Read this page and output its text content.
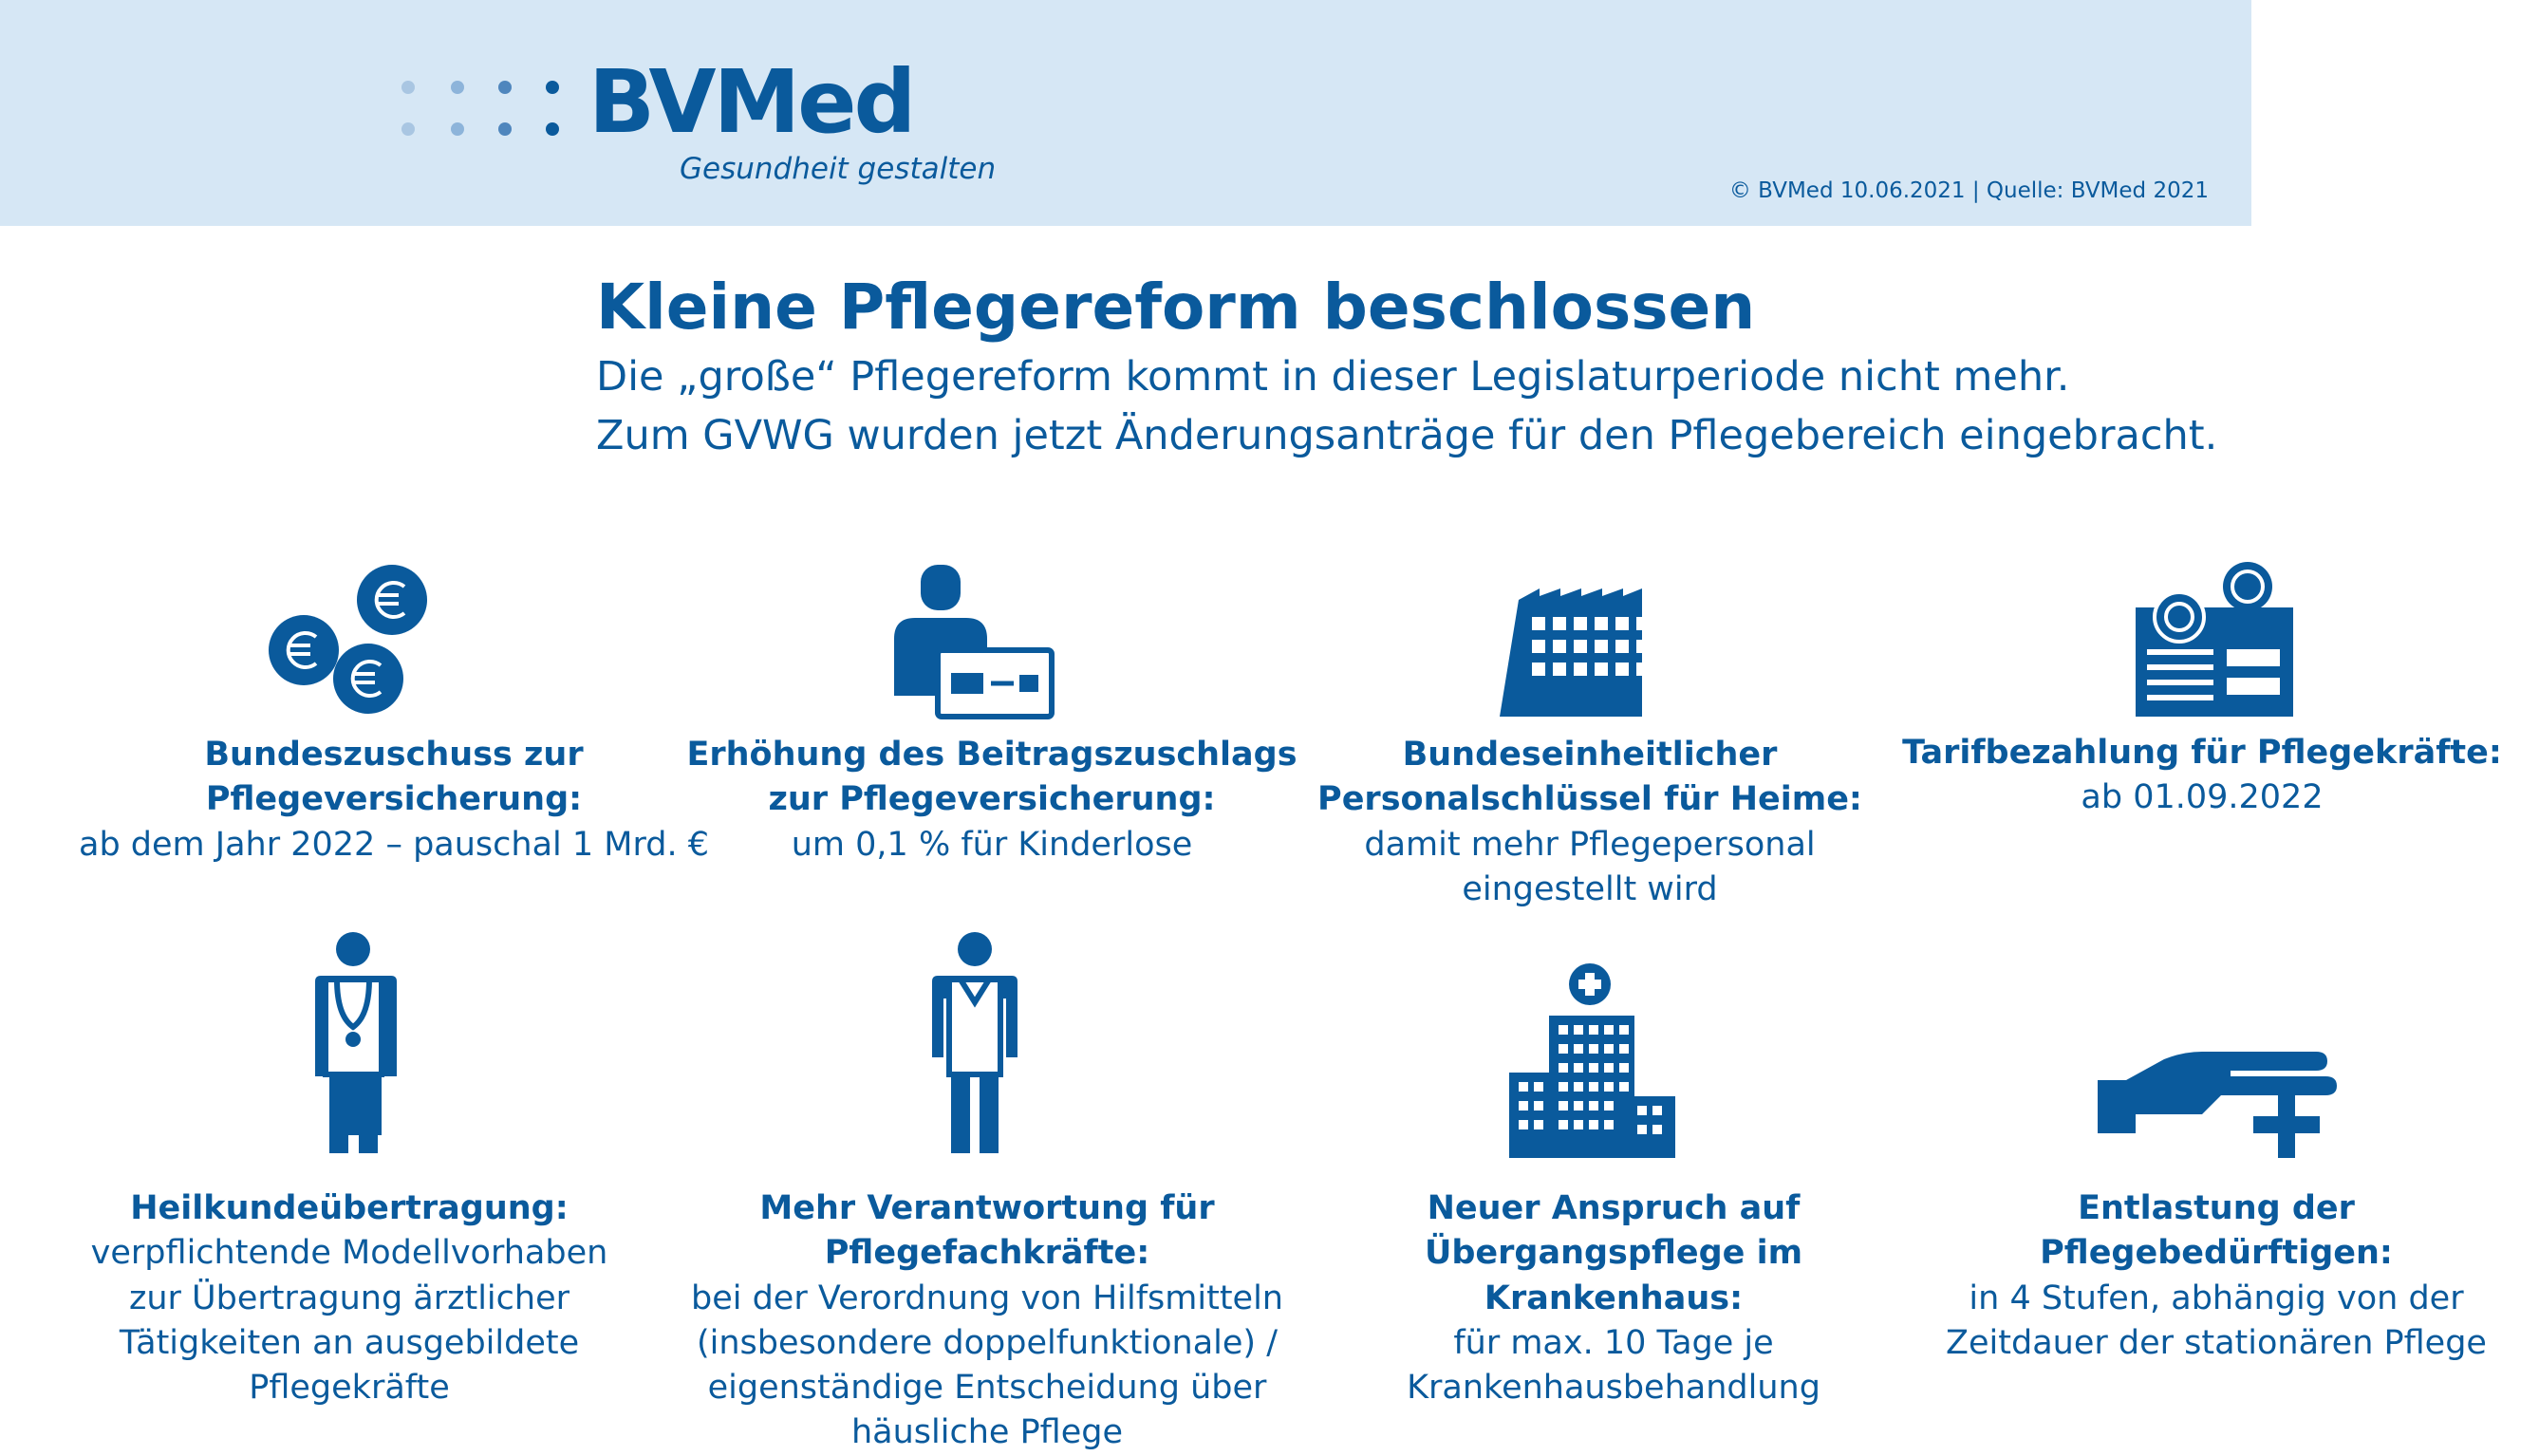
BVMed
Gesundheit gestalten
© BVMed 10.06.2021 | Quelle: BVMed 2021
Kleine Pflegereform beschlossen
Die „große“ Pflegereform kommt in dieser Legislaturperiode nicht mehr.
Zum GVWG wurden jetzt Änderungsanträge für den Pflegebereich eingebracht.
Bundeszuschuss zur
Pflegeversicherung:
ab dem Jahr 2022 – pauschal 1 Mrd. €
Erhöhung des Beitragszuschlags
zur Pflegeversicherung:
um 0,1 % für Kinderlose
Bundeseinheitlicher
Personalschlüssel für Heime:
damit mehr Pflegepersonal
eingestellt wird
Tarifbezahlung für Pflegekräfte:
ab 01.09.2022
Heilkundeübertragung:
verpflichtende Modellvorhaben
zur Übertragung ärztlicher
Tätigkeiten an ausgebildete
Pflegekräfte
Mehr Verantwortung für Pflegefachkräfte:
bei der Verordnung von Hilfsmitteln
(insbesondere doppelfunktionale) /
eigenständige Entscheidung über
häusliche Pflege
Neuer Anspruch auf
Übergangspflege im Krankenhaus:
für max. 10 Tage je
Krankenhausbehandlung
Entlastung der
Pflegebedürftigen:
in 4 Stufen, abhängig von der
Zeitdauer der stationären Pflege
